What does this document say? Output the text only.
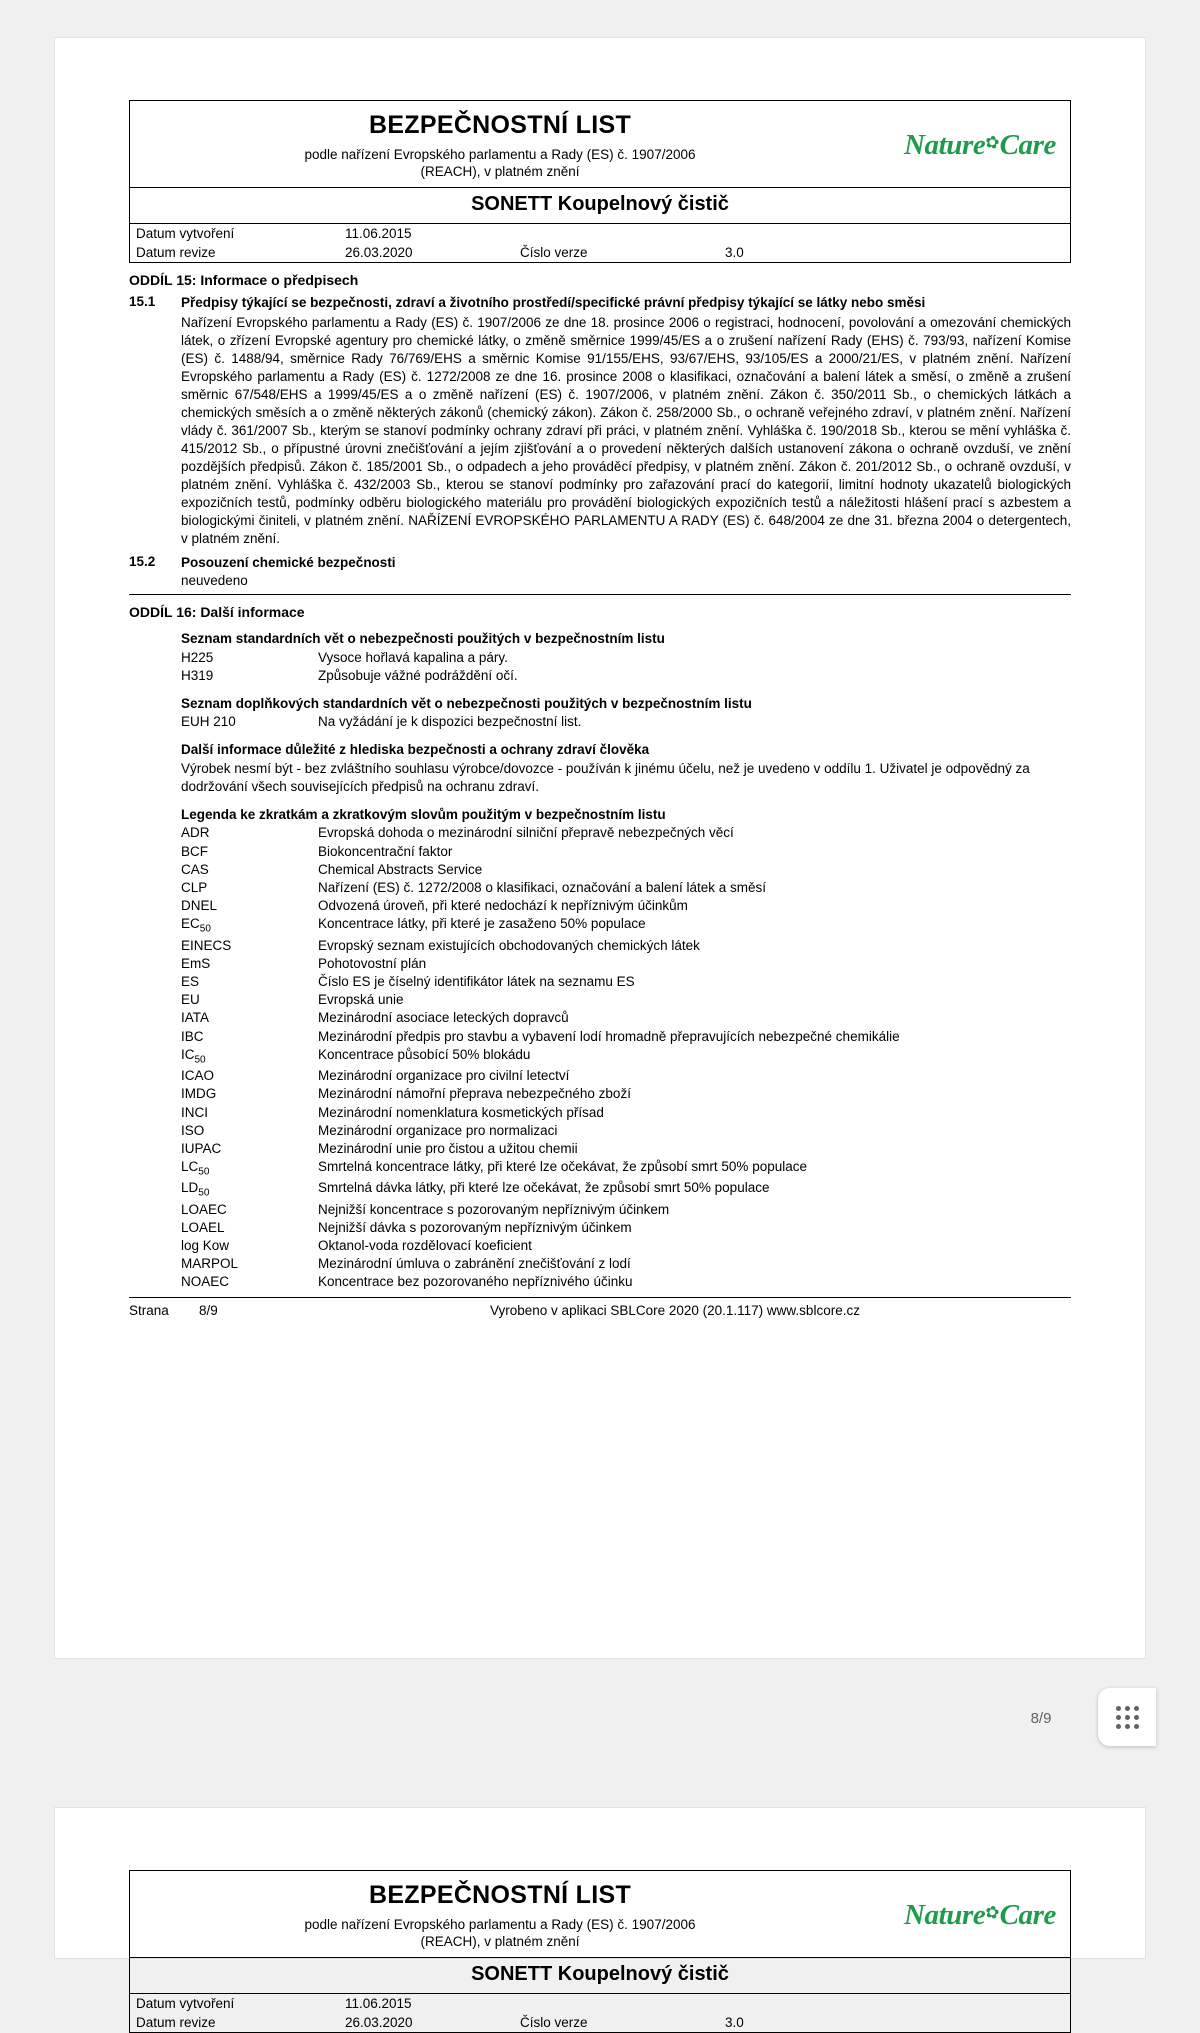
BEZPEČNOSTNÍ LIST
podle nařízení Evropského parlamentu a Rady (ES) č. 1907/2006
(REACH), v platném znění
Nature✿Care
SONETT Koupelnový čistič
Datum vytvoření	11.06.2015
Datum revize	26.03.2020	Číslo verze	3.0
ODDÍL 15: Informace o předpisech
15.1	Předpisy týkající se bezpečnosti, zdraví a životního prostředí/specifické právní předpisy týkající se látky nebo směsi
Nařízení Evropského parlamentu a Rady (ES) č. 1907/2006 ze dne 18. prosince 2006 o registraci, hodnocení, povolování a omezování chemických látek, o zřízení Evropské agentury pro chemické látky, o změně směrnice 1999/45/ES a o zrušení nařízení Rady (EHS) č. 793/93, nařízení Komise (ES) č. 1488/94, směrnice Rady 76/769/EHS a směrnic Komise 91/155/EHS, 93/67/EHS, 93/105/ES a 2000/21/ES, v platném znění. Nařízení Evropského parlamentu a Rady (ES) č. 1272/2008 ze dne 16. prosince 2008 o klasifikaci, označování a balení látek a směsí, o změně a zrušení směrnic 67/548/EHS a 1999/45/ES a o změně nařízení (ES) č. 1907/2006, v platném znění. Zákon č. 350/2011 Sb., o chemických látkách a chemických směsích a o změně některých zákonů (chemický zákon). Zákon č. 258/2000 Sb., o ochraně veřejného zdraví, v platném znění. Nařízení vlády č. 361/2007 Sb., kterým se stanoví podmínky ochrany zdraví při práci, v platném znění. Vyhláška č. 190/2018 Sb., kterou se mění vyhláška č. 415/2012 Sb., o přípustné úrovni znečišťování a jejím zjišťování a o provedení některých dalších ustanovení zákona o ochraně ovzduší, ve znění pozdějších předpisů. Zákon č. 185/2001 Sb., o odpadech a jeho prováděcí předpisy, v platném znění. Zákon č. 201/2012 Sb., o ochraně ovzduší, v platném znění. Vyhláška č. 432/2003 Sb., kterou se stanoví podmínky pro zařazování prací do kategorií, limitní hodnoty ukazatelů biologických expozičních testů, podmínky odběru biologického materiálu pro provádění biologických expozičních testů a náležitosti hlášení prací s azbestem a biologickými činiteli, v platném znění. NAŘÍZENÍ EVROPSKÉHO PARLAMENTU A RADY (ES) č. 648/2004 ze dne 31. března 2004 o detergentech, v platném znění.
15.2	Posouzení chemické bezpečnosti
neuvedeno
ODDÍL 16: Další informace
Seznam standardních vět o nebezpečnosti použitých v bezpečnostním listu
H225	Vysoce hořlavá kapalina a páry.
H319	Způsobuje vážné podráždění očí.
Seznam doplňkových standardních vět o nebezpečnosti použitých v bezpečnostním listu
EUH 210	Na vyžádání je k dispozici bezpečnostní list.
Další informace důležité z hlediska bezpečnosti a ochrany zdraví člověka
Výrobek nesmí být - bez zvláštního souhlasu výrobce/dovozce - používán k jinému účelu, než je uvedeno v oddílu 1. Uživatel je odpovědný za dodržování všech souvisejících předpisů na ochranu zdraví.
Legenda ke zkratkám a zkratkovým slovům použitým v bezpečnostním listu
ADR	Evropská dohoda o mezinárodní silniční přepravě nebezpečných věcí
BCF	Biokoncentrační faktor
CAS	Chemical Abstracts Service
CLP	Nařízení (ES) č. 1272/2008 o klasifikaci, označování a balení látek a směsí
DNEL	Odvozená úroveň, při které nedochází k nepříznivým účinkům
$EC_{50}$	Koncentrace látky, při které je zasaženo 50% populace
EINECS	Evropský seznam existujících obchodovaných chemických látek
EmS	Pohotovostní plán
ES	Číslo ES je číselný identifikátor látek na seznamu ES
EU	Evropská unie
IATA	Mezinárodní asociace leteckých dopravců
IBC	Mezinárodní předpis pro stavbu a vybavení lodí hromadně přepravujících nebezpečné chemikálie
$IC_{50}$	Koncentrace působící 50% blokádu
ICAO	Mezinárodní organizace pro civilní letectví
IMDG	Mezinárodní námořní přeprava nebezpečného zboží
INCI	Mezinárodní nomenklatura kosmetických přísad
ISO	Mezinárodní organizace pro normalizaci
IUPAC	Mezinárodní unie pro čistou a užitou chemii
$LC_{50}$	Smrtelná koncentrace látky, při které lze očekávat, že způsobí smrt 50% populace
$LD_{50}$	Smrtelná dávka látky, při které lze očekávat, že způsobí smrt 50% populace
LOAEC	Nejnižší koncentrace s pozorovaným nepříznivým účinkem
LOAEL	Nejnižší dávka s pozorovaným nepříznivým účinkem
log Kow	Oktanol-voda rozdělovací koeficient
MARPOL	Mezinárodní úmluva o zabránění znečišťování z lodí
NOAEC	Koncentrace bez pozorovaného nepříznivého účinku
Strana	8/9	Vyrobeno v aplikaci SBLCore 2020 (20.1.117) www.sblcore.cz
8/9
BEZPEČNOSTNÍ LIST
podle nařízení Evropského parlamentu a Rady (ES) č. 1907/2006
(REACH), v platném znění
Nature✿Care
SONETT Koupelnový čistič
Datum vytvoření	11.06.2015
Datum revize	26.03.2020	Číslo verze	3.0
